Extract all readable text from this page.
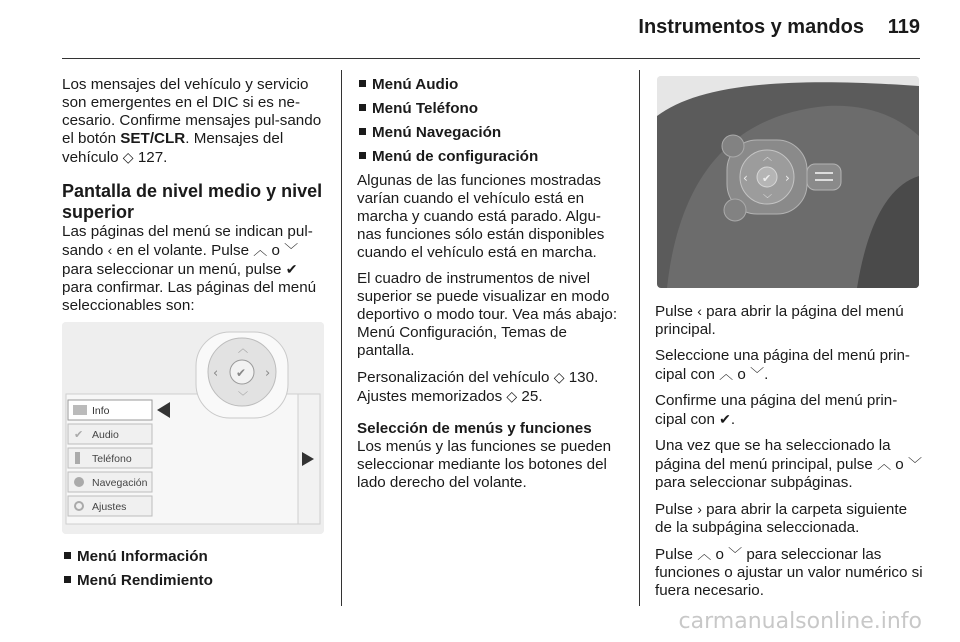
Instrumentos y mandos 119

Los mensajes del vehículo y servicio son emergentes en el DIC si es ne-cesario. Confirme mensajes pul-sando el botón SET/CLR. Mensajes del vehículo ◇ 127.

Pantalla de nivel medio y nivel superior

Las páginas del menú se indican pul-sando ‹ en el volante. Pulse ︿ o ﹀ para seleccionar un menú, pulse ✔ para confirmar. Las páginas del menú seleccionables son:

Info
✔ Audio
Teléfono
Navegación
Ajustes
✔
︿
﹀
‹	›
Menú Información
Menú Rendimiento
Menú Audio
Menú Teléfono
Menú Navegación
Menú de configuración

Algunas de las funciones mostradas varían cuando el vehículo está en marcha y cuando está parado. Algu-nas funciones sólo están disponibles cuando el vehículo está en marcha.

El cuadro de instrumentos de nivel superior se puede visualizar en modo deportivo o modo tour. Vea más abajo: Menú Configuración, Temas de pantalla.

Personalización del vehículo ◇ 130.
Ajustes memorizados ◇ 25.

Selección de menús y funciones

Los menús y las funciones se pueden seleccionar mediante los botones del lado derecho del volante.

✔
︿
﹀
‹	›

Pulse ‹ para abrir la página del menú principal.

Seleccione una página del menú prin-cipal con ︿ o ﹀.

Confirme una página del menú prin-cipal con ✔.

Una vez que se ha seleccionado la página del menú principal, pulse ︿ o ﹀ para seleccionar subpáginas.

Pulse › para abrir la carpeta siguiente de la subpágina seleccionada.

Pulse ︿ o ﹀ para seleccionar las funciones o ajustar un valor numérico si fuera necesario.

carmanualsonline.info
